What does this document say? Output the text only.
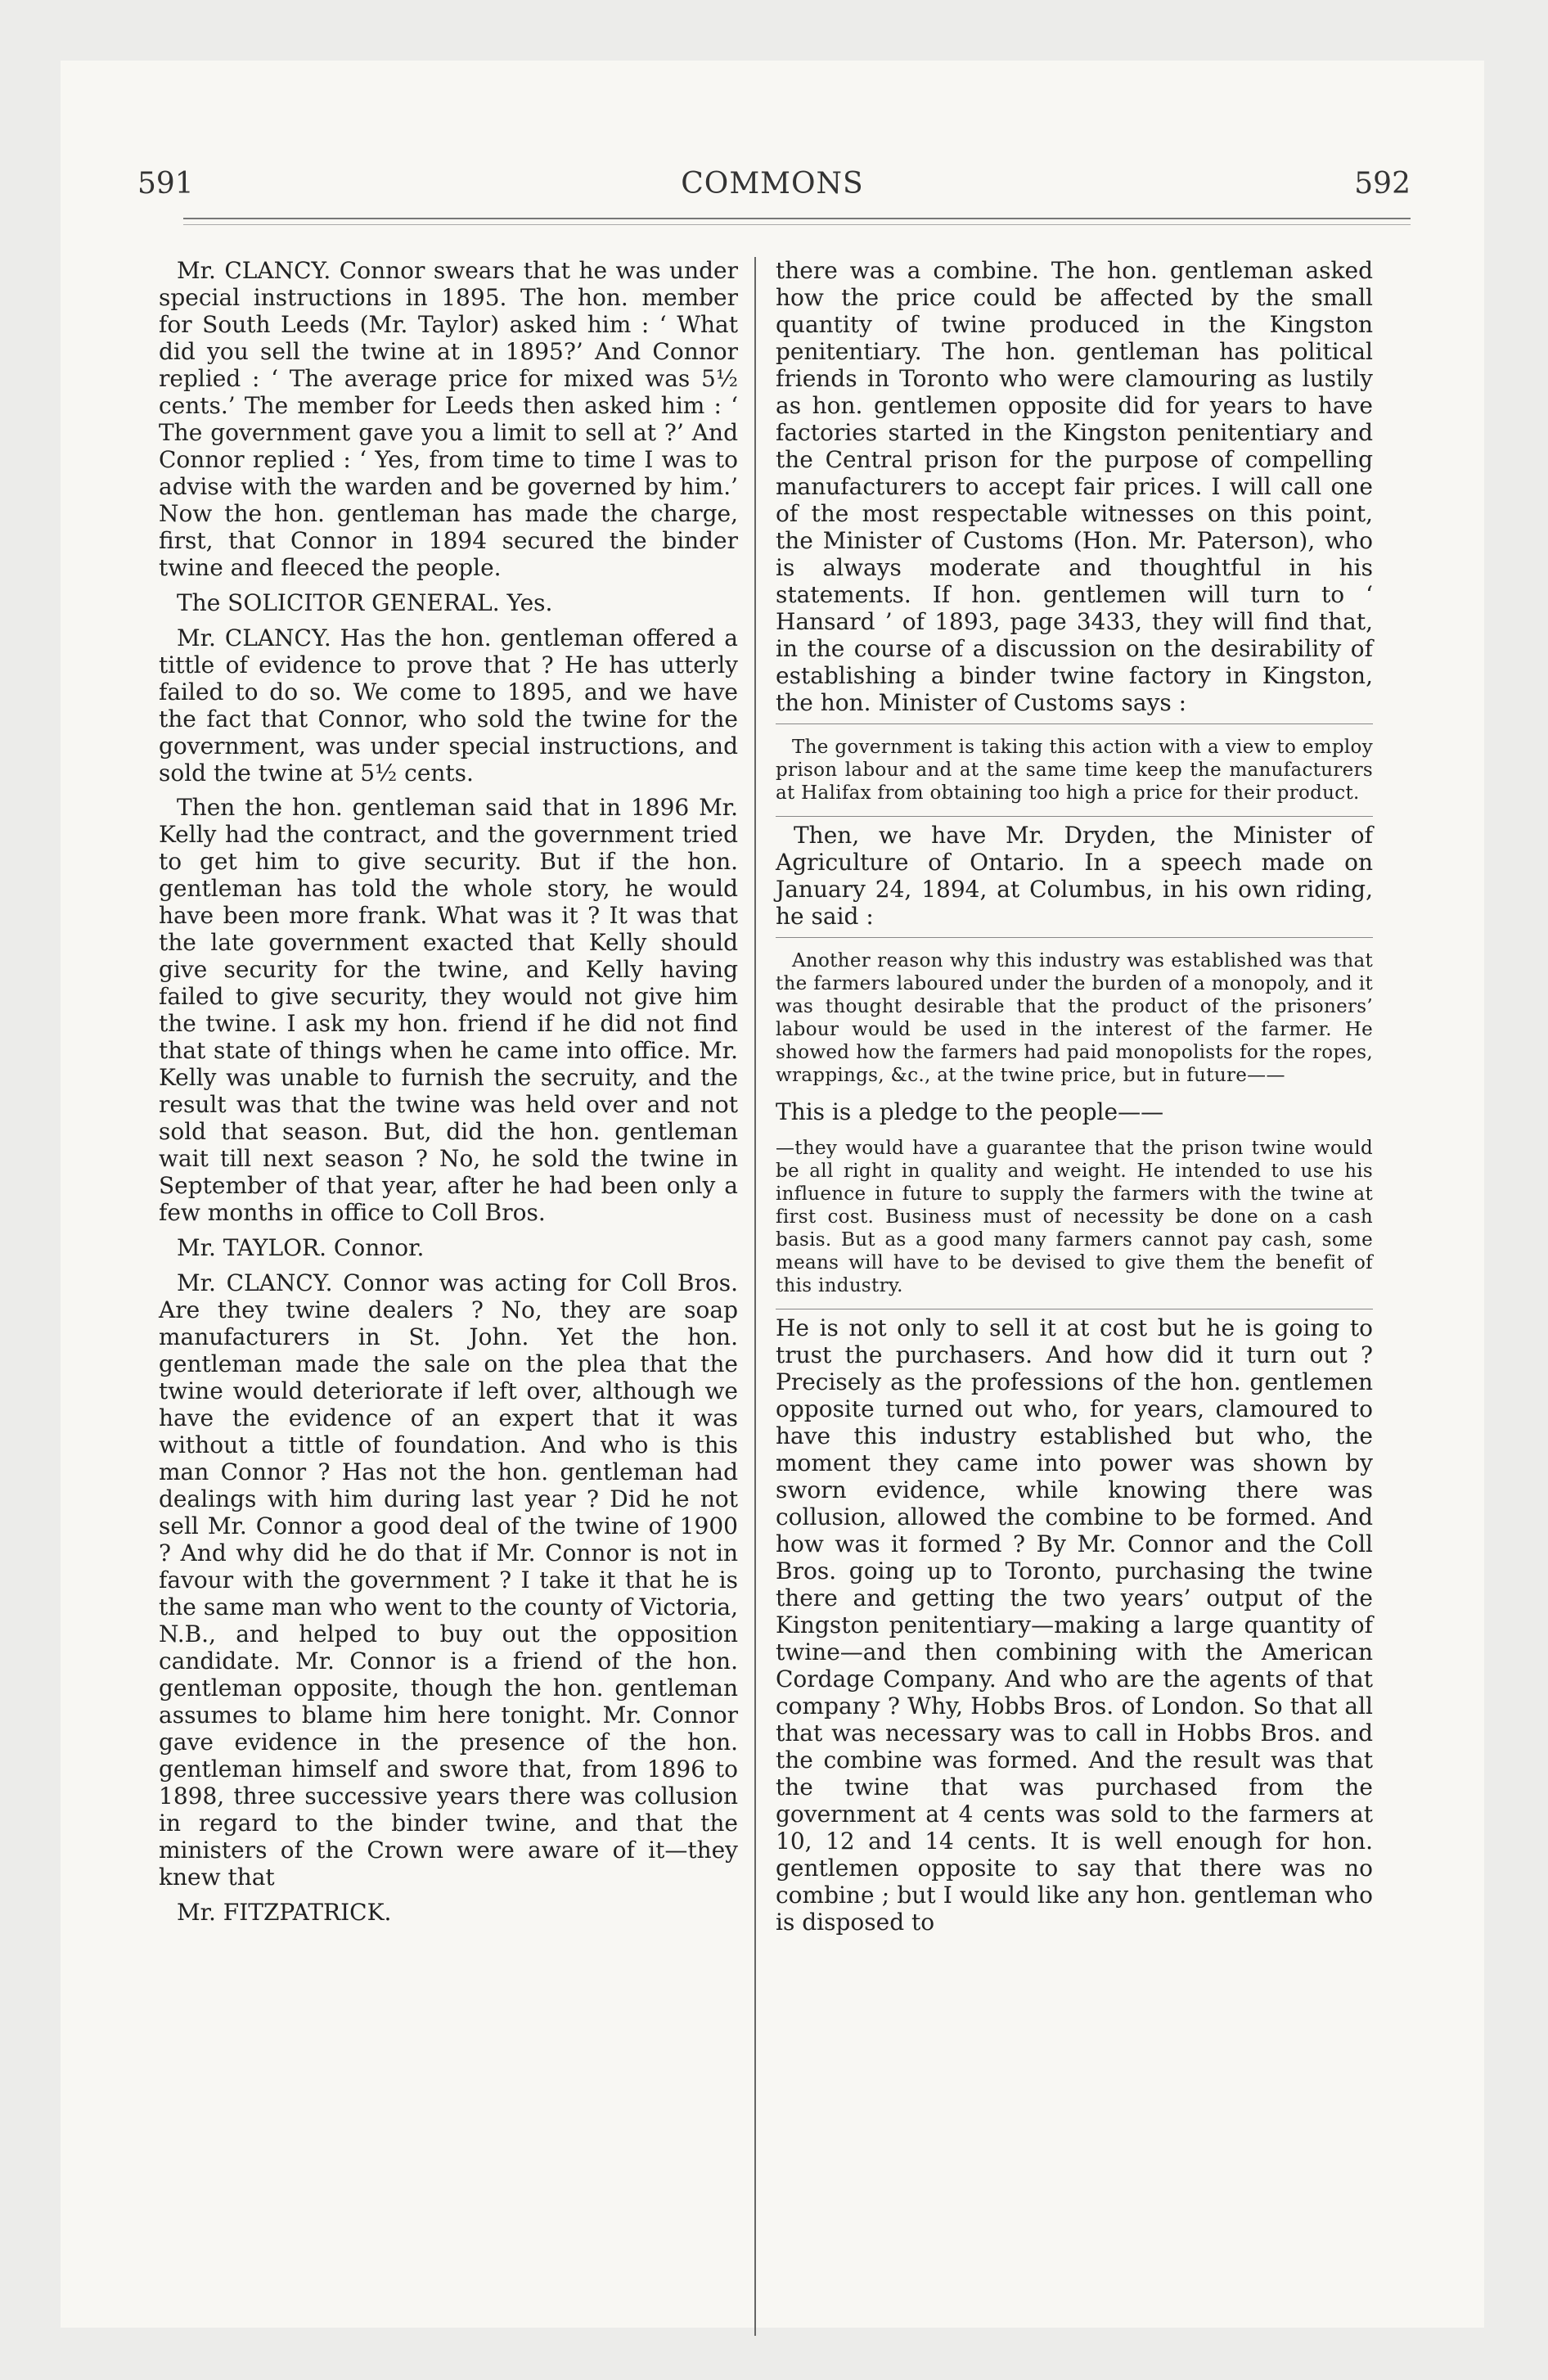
591	COMMONS	592

Mr. CLANCY. Connor swears that he was under special instructions in 1895. The hon. member for South Leeds (Mr. Taylor) asked him : ‘ What did you sell the twine at in 1895?’ And Connor replied : ‘ The average price for mixed was 5½ cents.’ The member for Leeds then asked him : ‘ The government gave you a limit to sell at ?’ And Connor replied : ‘ Yes, from time to time I was to advise with the warden and be governed by him.’ Now the hon. gentleman has made the charge, first, that Connor in 1894 secured the binder twine and fleeced the people.

The SOLICITOR GENERAL. Yes.

Mr. CLANCY. Has the hon. gentleman offered a tittle of evidence to prove that ? He has utterly failed to do so. We come to 1895, and we have the fact that Connor, who sold the twine for the government, was under special instructions, and sold the twine at 5½ cents.

Then the hon. gentleman said that in 1896 Mr. Kelly had the contract, and the government tried to get him to give security. But if the hon. gentleman has told the whole story, he would have been more frank. What was it ? It was that the late government exacted that Kelly should give security for the twine, and Kelly having failed to give security, they would not give him the twine. I ask my hon. friend if he did not find that state of things when he came into office. Mr. Kelly was unable to furnish the secruity, and the result was that the twine was held over and not sold that season. But, did the hon. gentleman wait till next season ? No, he sold the twine in September of that year, after he had been only a few months in office to Coll Bros.

Mr. TAYLOR. Connor.

Mr. CLANCY. Connor was acting for Coll Bros. Are they twine dealers ? No, they are soap manufacturers in St. John. Yet the hon. gentleman made the sale on the plea that the twine would deteriorate if left over, although we have the evidence of an expert that it was without a tittle of foundation. And who is this man Connor ? Has not the hon. gentleman had dealings with him during last year ? Did he not sell Mr. Connor a good deal of the twine of 1900 ? And why did he do that if Mr. Connor is not in favour with the government ? I take it that he is the same man who went to the county of Victoria, N.B., and helped to buy out the opposition candidate. Mr. Connor is a friend of the hon. gentleman opposite, though the hon. gentleman assumes to blame him here tonight. Mr. Connor gave evidence in the presence of the hon. gentleman himself and swore that, from 1896 to 1898, three successive years there was collusion in regard to the binder twine, and that the ministers of the Crown were aware of it—they knew that

Mr. FITZPATRICK.

there was a combine. The hon. gentleman asked how the price could be affected by the small quantity of twine produced in the Kingston penitentiary. The hon. gentleman has political friends in Toronto who were clamouring as lustily as hon. gentlemen opposite did for years to have factories started in the Kingston penitentiary and the Central prison for the purpose of compelling manufacturers to accept fair prices. I will call one of the most respectable witnesses on this point, the Minister of Customs (Hon. Mr. Paterson), who is always moderate and thoughtful in his statements. If hon. gentlemen will turn to ‘ Hansard ’ of 1893, page 3433, they will find that, in the course of a discussion on the desirability of establishing a binder twine factory in Kingston, the hon. Minister of Customs says :

The government is taking this action with a view to employ prison labour and at the same time keep the manufacturers at Halifax from obtaining too high a price for their product.

Then, we have Mr. Dryden, the Minister of Agriculture of Ontario. In a speech made on January 24, 1894, at Columbus, in his own riding, he said :

Another reason why this industry was established was that the farmers laboured under the burden of a monopoly, and it was thought desirable that the product of the prisoners’ labour would be used in the interest of the farmer. He showed how the farmers had paid monopolists for the ropes, wrappings, &c., at the twine price, but in future——

This is a pledge to the people——

—they would have a guarantee that the prison twine would be all right in quality and weight. He intended to use his influence in future to supply the farmers with the twine at first cost. Business must of necessity be done on a cash basis. But as a good many farmers cannot pay cash, some means will have to be devised to give them the benefit of this industry.

He is not only to sell it at cost but he is going to trust the purchasers. And how did it turn out ? Precisely as the professions of the hon. gentlemen opposite turned out who, for years, clamoured to have this industry established but who, the moment they came into power was shown by sworn evidence, while knowing there was collusion, allowed the combine to be formed. And how was it formed ? By Mr. Connor and the Coll Bros. going up to Toronto, purchasing the twine there and getting the two years’ output of the Kingston penitentiary—making a large quantity of twine—and then combining with the American Cordage Company. And who are the agents of that company ? Why, Hobbs Bros. of London. So that all that was necessary was to call in Hobbs Bros. and the combine was formed. And the result was that the twine that was purchased from the government at 4 cents was sold to the farmers at 10, 12 and 14 cents. It is well enough for hon. gentlemen opposite to say that there was no combine ; but I would like any hon. gentleman who is disposed to
